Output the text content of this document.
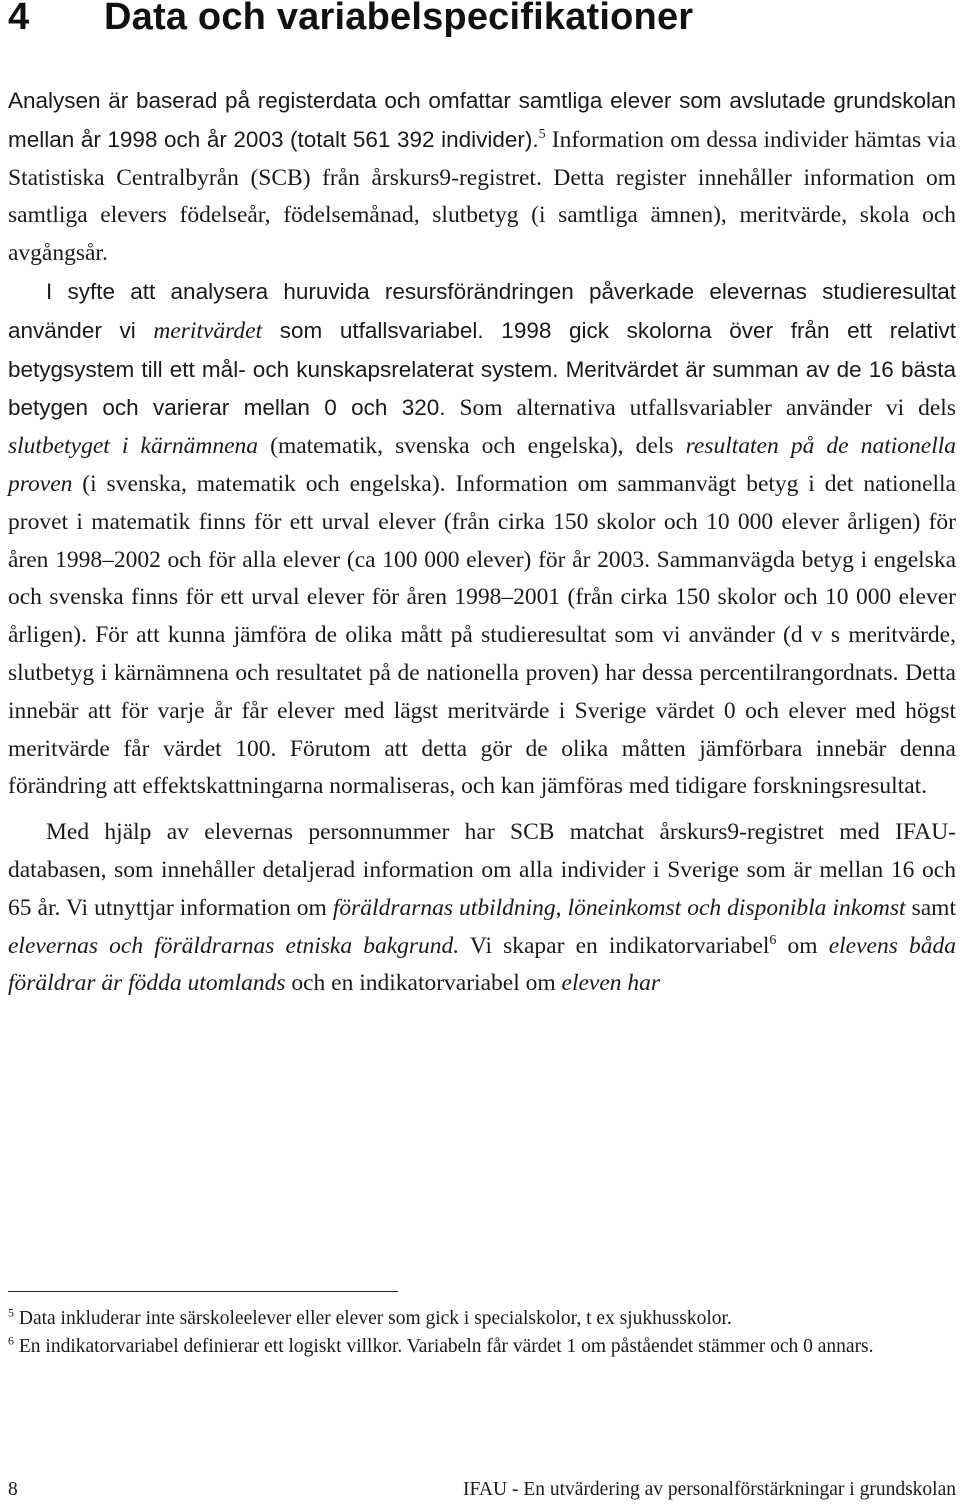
4 Data och variabelspecifikationer

Analysen är baserad på registerdata och omfattar samtliga elever som avslutade grundskolan mellan år 1998 och år 2003 (totalt 561 392 individer).$^5$ Information om dessa individer hämtas via Statistiska Centralbyrån (SCB) från årskurs9-registret. Detta register innehåller information om samtliga elevers födelseår, födelsemånad, slutbetyg (i samtliga ämnen), meritvärde, skola och avgångsår.

I syfte att analysera huruvida resursförändringen påverkade elevernas studieresultat använder vi meritvärdet som utfallsvariabel. 1998 gick skolorna över från ett relativt betygsystem till ett mål- och kunskapsrelaterat system. Meritvärdet är summan av de 16 bästa betygen och varierar mellan 0 och 320. Som alternativa utfallsvariabler använder vi dels slutbetyget i kärnämnena (matematik, svenska och engelska), dels resultaten på de nationella proven (i svenska, matematik och engelska). Information om sammanvägt betyg i det nationella provet i matematik finns för ett urval elever (från cirka 150 skolor och 10 000 elever årligen) för åren 1998–2002 och för alla elever (ca 100 000 elever) för år 2003. Sammanvägda betyg i engelska och svenska finns för ett urval elever för åren 1998–2001 (från cirka 150 skolor och 10 000 elever årligen). För att kunna jämföra de olika mått på studieresultat som vi använder (d v s meritvärde, slutbetyg i kärnämnena och resultatet på de nationella proven) har dessa percentilrangordnats. Detta innebär att för varje år får elever med lägst meritvärde i Sverige värdet 0 och elever med högst meritvärde får värdet 100. Förutom att detta gör de olika måtten jämförbara innebär denna förändring att effektskattningarna normaliseras, och kan jämföras med tidigare forskningsresultat.

Med hjälp av elevernas personnummer har SCB matchat årskurs9-registret med IFAU-databasen, som innehåller detaljerad information om alla individer i Sverige som är mellan 16 och 65 år. Vi utnyttjar information om föräldrarnas utbildning, löneinkomst och disponibla inkomst samt elevernas och föräldrarnas etniska bakgrund. Vi skapar en indikatorvariabel$^6$ om elevens båda föräldrar är födda utomlands och en indikatorvariabel om eleven har

$^5$ Data inkluderar inte särskoleelever eller elever som gick i specialskolor, t ex sjukhusskolor.

$^6$ En indikatorvariabel definierar ett logiskt villkor. Variabeln får värdet 1 om påståendet stämmer och 0 annars.

8	IFAU - En utvärdering av personalförstärkningar i grundskolan
